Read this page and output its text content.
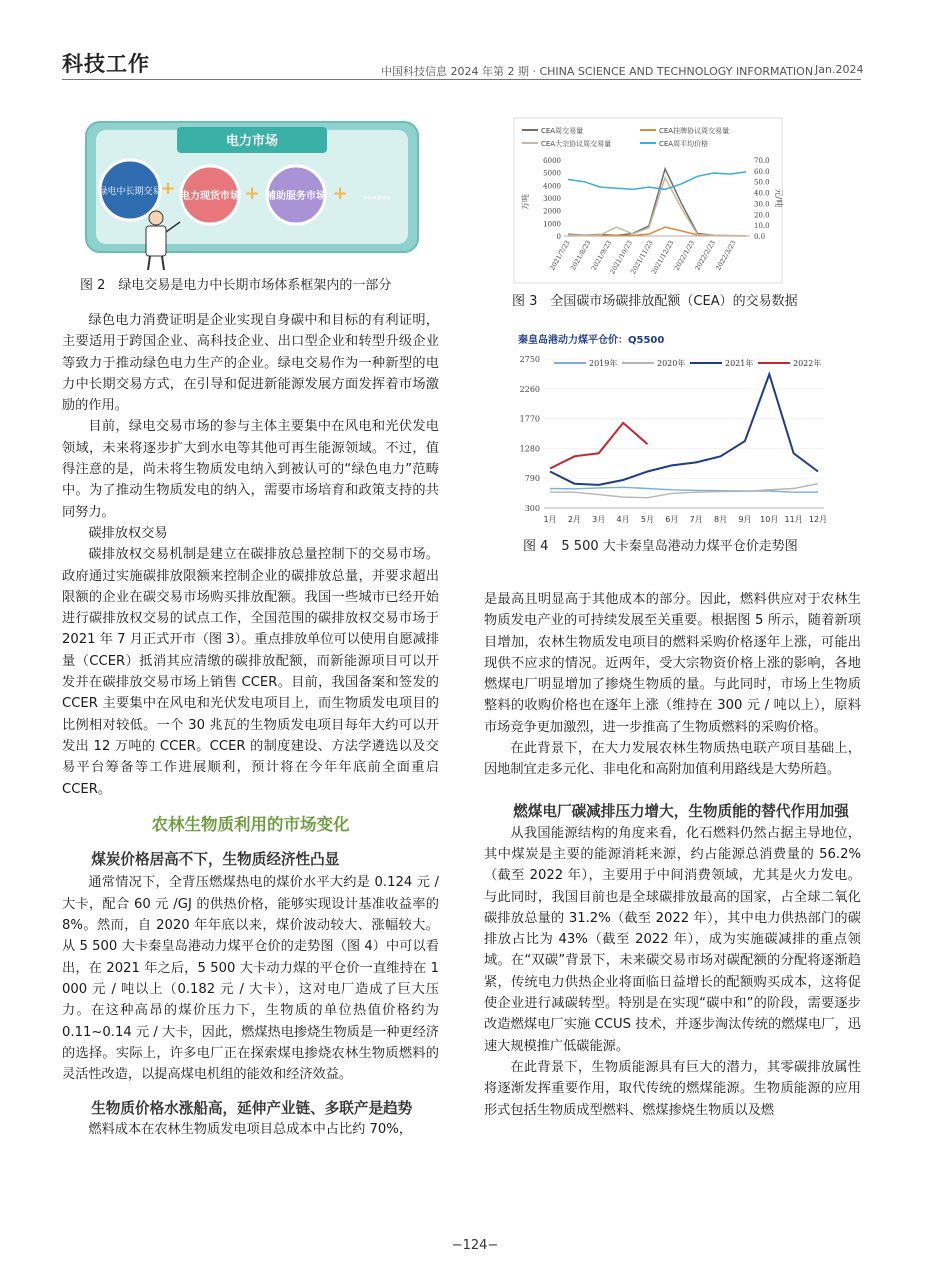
科技工作	中国科技信息 2024 年第 2 期 · CHINA SCIENCE AND TECHNOLOGY INFORMATION Jan.2024
电力市场
绿电中长期交易
+ 电力现货市场 + 辅助服务市场 + ……
图 2　绿电交易是电力中长期市场体系框架内的一部分
CEA周交易量	CEA挂牌协议周交易量
CEA大宗协议周交易量	CEA周平均价格
6000
5000
4000
3000
2000
1000
0
70.0
60.0
50.0
40.0
30.0
20.0
10.0
0.0
万吨	元/吨
2021/7/23
2021/8/23
2021/9/23
2021/10/23
2021/11/23
2021/12/23
2022/1/23
2022/2/23
2022/3/23
图 3　全国碳市场碳排放配额（CEA）的交易数据
秦皇岛港动力煤平仓价：Q5500
2019年	2020年	2021年	2022年
2750
2260
1770
1280
790
300
1月 2月 3月 4月 5月 6月 7月 8月 9月 10月 11月 12月
图 4　5 500 大卡秦皇岛港动力煤平仓价走势图

绿色电力消费证明是企业实现自身碳中和目标的有利证明，主要适用于跨国企业、高科技企业、出口型企业和转型升级企业等致力于推动绿色电力生产的企业。绿电交易作为一种新型的电力中长期交易方式，在引导和促进新能源发展方面发挥着市场激励的作用。

目前，绿电交易市场的参与主体主要集中在风电和光伏发电领域，未来将逐步扩大到水电等其他可再生能源领域。不过，值得注意的是，尚未将生物质发电纳入到被认可的“绿色电力”范畴中。为了推动生物质发电的纳入，需要市场培育和政策支持的共同努力。

碳排放权交易

碳排放权交易机制是建立在碳排放总量控制下的交易市场。政府通过实施碳排放限额来控制企业的碳排放总量，并要求超出限额的企业在碳交易市场购买排放配额。我国一些城市已经开始进行碳排放权交易的试点工作，全国范围的碳排放权交易市场于 2021 年 7 月正式开市（图 3）。重点排放单位可以使用自愿减排量（CCER）抵消其应清缴的碳排放配额，而新能源项目可以开发并在碳排放交易市场上销售 CCER。目前，我国备案和签发的 CCER 主要集中在风电和光伏发电项目上，而生物质发电项目的比例相对较低。一个 30 兆瓦的生物质发电项目每年大约可以开发出 12 万吨的 CCER。CCER 的制度建设、方法学遴选以及交易平台筹备等工作进展顺利，预计将在今年年底前全面重启 CCER。

农林生物质利用的市场变化
煤炭价格居高不下，生物质经济性凸显

通常情况下，全背压燃煤热电的煤价水平大约是 0.124 元 / 大卡，配合 60 元 /GJ 的供热价格，能够实现设计基准收益率的 8%。然而，自 2020 年年底以来，煤价波动较大、涨幅较大。从 5 500 大卡秦皇岛港动力煤平仓价的走势图（图 4）中可以看出，在 2021 年之后，5 500 大卡动力煤的平仓价一直维持在 1 000 元 / 吨以上（0.182 元 / 大卡），这对电厂造成了巨大压力。在这种高昂的煤价压力下，生物质的单位热值价格约为 0.11~0.14 元 / 大卡，因此，燃煤热电掺烧生物质是一种更经济的选择。实际上，许多电厂正在探索煤电掺烧农林生物质燃料的灵活性改造，以提高煤电机组的能效和经济效益。

生物质价格水涨船高，延伸产业链、多联产是趋势

燃料成本在农林生物质发电项目总成本中占比约 70%，

是最高且明显高于其他成本的部分。因此，燃料供应对于农林生物质发电产业的可持续发展至关重要。根据图 5 所示，随着新项目增加，农林生物质发电项目的燃料采购价格逐年上涨，可能出现供不应求的情况。近两年，受大宗物资价格上涨的影响，各地燃煤电厂明显增加了掺烧生物质的量。与此同时，市场上生物质整料的收购价格也在逐年上涨（维持在 300 元 / 吨以上），原料市场竞争更加激烈，进一步推高了生物质燃料的采购价格。

在此背景下，在大力发展农林生物质热电联产项目基础上，因地制宜走多元化、非电化和高附加值利用路线是大势所趋。

燃煤电厂碳减排压力增大，生物质能的替代作用加强

从我国能源结构的角度来看，化石燃料仍然占据主导地位，其中煤炭是主要的能源消耗来源，约占能源总消费量的 56.2%（截至 2022 年），主要用于中间消费领域，尤其是火力发电。与此同时，我国目前也是全球碳排放最高的国家，占全球二氧化碳排放总量的 31.2%（截至 2022 年），其中电力供热部门的碳排放占比为 43%（截至 2022 年），成为实施碳减排的重点领域。在“双碳”背景下，未来碳交易市场对碳配额的分配将逐渐趋紧，传统电力供热企业将面临日益增长的配额购买成本，这将促使企业进行减碳转型。特别是在实现“碳中和”的阶段，需要逐步改造燃煤电厂实施 CCUS 技术，并逐步淘汰传统的燃煤电厂，迅速大规模推广低碳能源。

在此背景下，生物质能源具有巨大的潜力，其零碳排放属性将逐渐发挥重要作用，取代传统的燃煤能源。生物质能源的应用形式包括生物质成型燃料、燃煤掺烧生物质以及燃

−124−
